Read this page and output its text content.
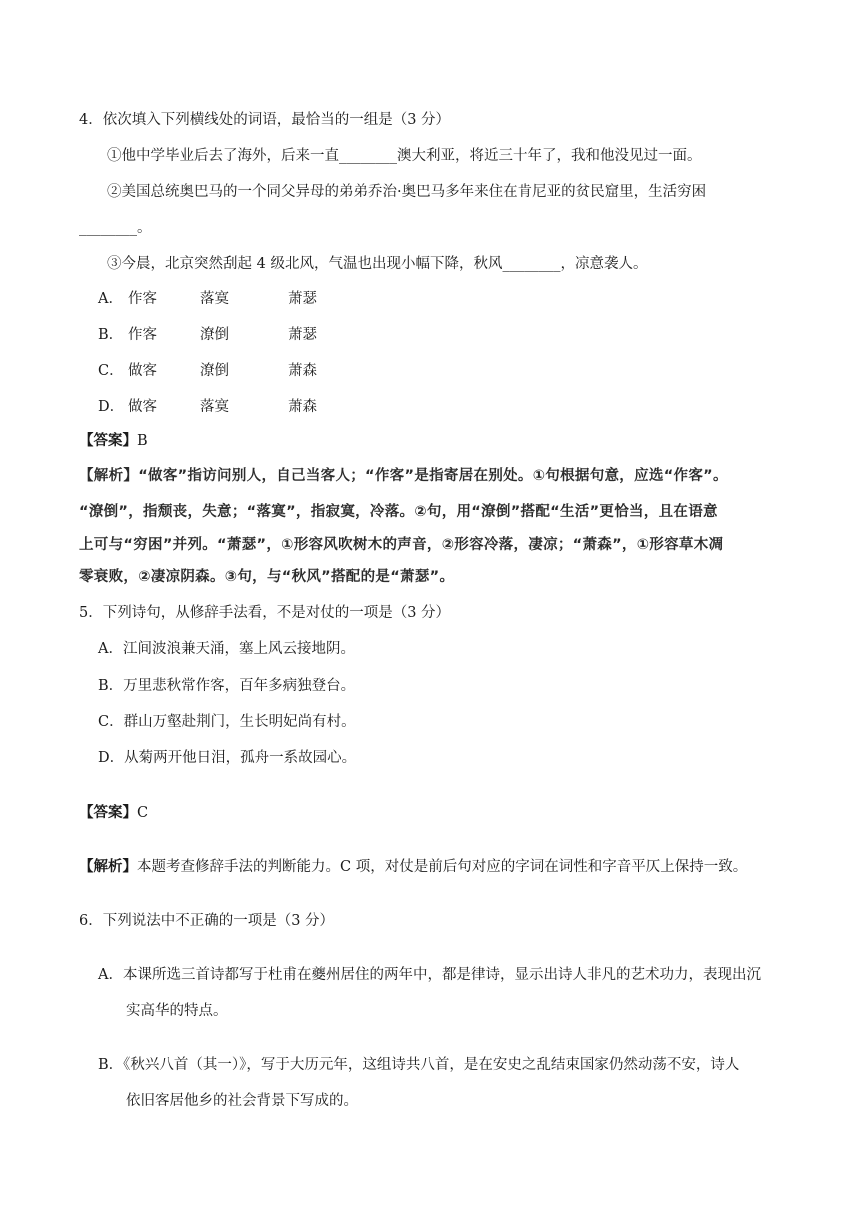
4．依次填入下列横线处的词语，最恰当的一组是（3 分）
①他中学毕业后去了海外，后来一直________澳大利亚，将近三十年了，我和他没见过一面。
②美国总统奥巴马的一个同父异母的弟弟乔治·奥巴马多年来住在肯尼亚的贫民窟里，生活穷困
________。
③今晨，北京突然刮起 4 级北风，气温也出现小幅下降，秋风________，凉意袭人。
A． 作客	落寞	萧瑟
B． 作客	潦倒	萧瑟
C． 做客	潦倒	萧森
D． 做客	落寞	萧森
【答案】B
【解析】“做客”指访问别人，自己当客人；“作客”是指寄居在别处。①句根据句意，应选“作客”。
“潦倒”，指颓丧，失意；“落寞”，指寂寞，冷落。②句，用“潦倒”搭配“生活”更恰当，且在语意
上可与“穷困”并列。“萧瑟”，①形容风吹树木的声音，②形容冷落，凄凉；“萧森”，①形容草木凋
零衰败，②凄凉阴森。③句，与“秋风”搭配的是“萧瑟”。
5．下列诗句，从修辞手法看，不是对仗的一项是（3 分）
A．江间波浪兼天涌，塞上风云接地阴。
B．万里悲秋常作客，百年多病独登台。
C．群山万壑赴荆门，生长明妃尚有村。
D．从菊两开他日泪，孤舟一系故园心。
【答案】C
【解析】本题考查修辞手法的判断能力。C 项，对仗是前后句对应的字词在词性和字音平仄上保持一致。
6．下列说法中不正确的一项是（3 分）
A．本课所选三首诗都写于杜甫在夔州居住的两年中，都是律诗，显示出诗人非凡的艺术功力，表现出沉
实高华的特点。
B．《秋兴八首（其一）》，写于大历元年，这组诗共八首，是在安史之乱结束国家仍然动荡不安，诗人
依旧客居他乡的社会背景下写成的。
